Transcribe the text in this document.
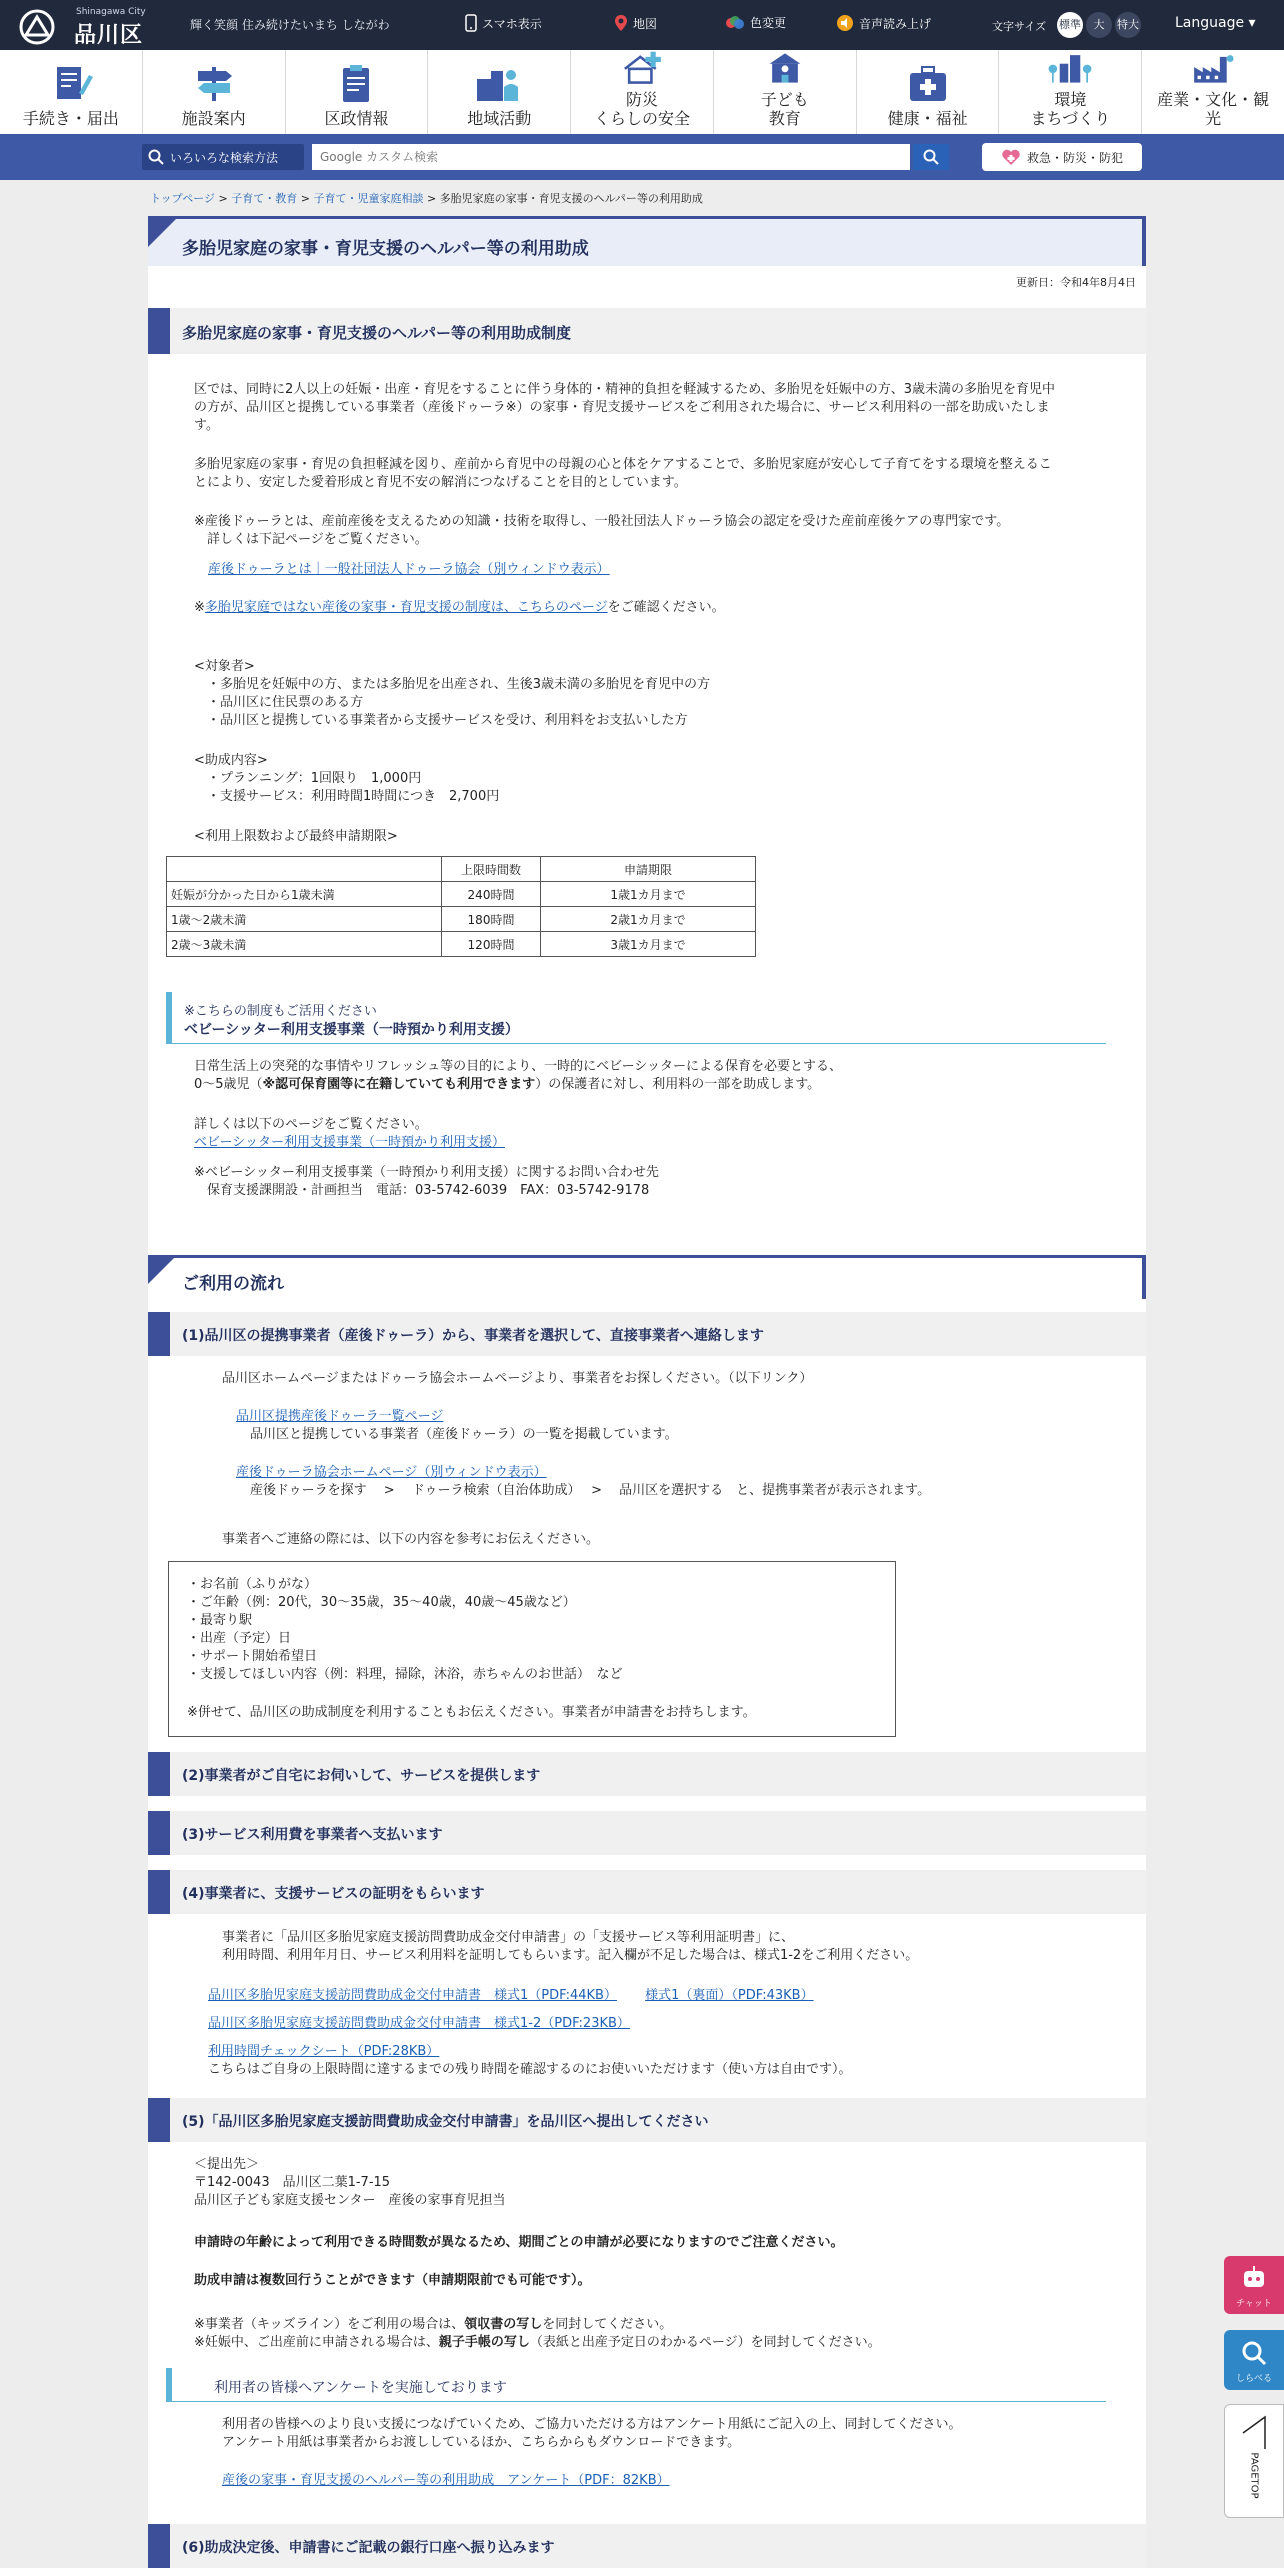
Shinagawa City
品川区	輝く笑顔 住み続けたいまち しながわ	スマホ表示	地図	色変更	音声読み上げ	文字サイズ 標準	大	特大	Language ▾
手続き・届出	施設案内	区政情報	地域活動
防災
くらしの安全
子ども
教育	健康・福祉
環境
まちづくり
産業・文化・観
光
いろいろな検索方法
Google カスタム検索	救急・防災・防犯
トップページ > 子育て・教育 > 子育て・児童家庭相談 > 多胎児家庭の家事・育児支援のヘルパー等の利用助成
多胎児家庭の家事・育児支援のヘルパー等の利用助成
更新日：令和4年8月4日
多胎児家庭の家事・育児支援のヘルパー等の利用助成制度
区では、同時に2人以上の妊娠・出産・育児をすることに伴う身体的・精神的負担を軽減するため、多胎児を妊娠中の方、3歳未満の多胎児を育児中
の方が、品川区と提携している事業者（産後ドゥーラ※）の家事・育児支援サービスをご利用された場合に、サービス利用料の一部を助成いたしま
す。
多胎児家庭の家事・育児の負担軽減を図り、産前から育児中の母親の心と体をケアすることで、多胎児家庭が安心して子育てをする環境を整えるこ
とにより、安定した愛着形成と育児不安の解消につなげることを目的としています。
※産後ドゥーラとは、産前産後を支えるための知識・技術を取得し、一般社団法人ドゥーラ協会の認定を受けた産前産後ケアの専門家です。
詳しくは下記ページをご覧ください。
産後ドゥーラとは｜一般社団法人ドゥーラ協会（別ウィンドウ表示）
※多胎児家庭ではない産後の家事・育児支援の制度は、こちらのページをご確認ください。
<対象者>
・多胎児を妊娠中の方、または多胎児を出産され、生後3歳未満の多胎児を育児中の方
・品川区に住民票のある方
・品川区と提携している事業者から支援サービスを受け、利用料をお支払いした方
<助成内容>
・プランニング：1回限り　1,000円
・支援サービス：利用時間1時間につき　2,700円
<利用上限数および最終申請期限>
	上限時間数	申請期限
妊娠が分かった日から1歳未満	240時間	1歳1カ月まで
1歳～2歳未満	180時間	2歳1カ月まで
2歳～3歳未満	120時間	3歳1カ月まで
※こちらの制度もご活用ください
ベビーシッター利用支援事業（一時預かり利用支援）
日常生活上の突発的な事情やリフレッシュ等の目的により、一時的にベビーシッターによる保育を必要とする、
0～5歳児（※認可保育園等に在籍していても利用できます）の保護者に対し、利用料の一部を助成します。
詳しくは以下のページをご覧ください。
ベビーシッター利用支援事業（一時預かり利用支援）
※ベビーシッター利用支援事業（一時預かり利用支援）に関するお問い合わせ先
保育支援課開設・計画担当　電話：03-5742-6039　FAX：03-5742-9178
ご利用の流れ
(1)品川区の提携事業者（産後ドゥーラ）から、事業者を選択して、直接事業者へ連絡します
品川区ホームページまたはドゥーラ協会ホームページより、事業者をお探しください。（以下リンク）
品川区提携産後ドゥーラ一覧ページ
品川区と提携している事業者（産後ドゥーラ）の一覧を掲載しています。
産後ドゥーラ協会ホームページ（別ウィンドウ表示）
産後ドゥーラを探す　 >　 ドゥーラ検索（自治体助成）　 >　 品川区を選択する　と、提携事業者が表示されます。
事業者へご連絡の際には、以下の内容を参考にお伝えください。
・お名前（ふりがな）
・ご年齢（例：20代，30～35歳，35～40歳，40歳～45歳など）
・最寄り駅
・出産（予定）日
・サポート開始希望日
・支援してほしい内容（例：料理，掃除，沐浴，赤ちゃんのお世話）　など
※併せて、品川区の助成制度を利用することもお伝えください。事業者が申請書をお持ちします。
(2)事業者がご自宅にお伺いして、サービスを提供します
(3)サービス利用費を事業者へ支払います
(4)事業者に、支援サービスの証明をもらいます
事業者に「品川区多胎児家庭支援訪問費助成金交付申請書」の「支援サービス等利用証明書」に、
利用時間、利用年月日、サービス利用料を証明してもらいます。記入欄が不足した場合は、様式1-2をご利用ください。
品川区多胎児家庭支援訪問費助成金交付申請書　様式1（PDF:44KB） 様式1（裏面）（PDF:43KB）
品川区多胎児家庭支援訪問費助成金交付申請書　様式1-2（PDF:23KB）
利用時間チェックシート（PDF:28KB）
こちらはご自身の上限時間に達するまでの残り時間を確認するのにお使いいただけます（使い方は自由です）。
(5)「品川区多胎児家庭支援訪問費助成金交付申請書」を品川区へ提出してください
＜提出先＞
〒142-0043　品川区二葉1-7-15
品川区子ども家庭支援センター　産後の家事育児担当
申請時の年齢によって利用できる時間数が異なるため、期間ごとの申請が必要になりますのでご注意ください。
助成申請は複数回行うことができます（申請期限前でも可能です）。
※事業者（キッズライン）をご利用の場合は、領収書の写しを同封してください。
※妊娠中、ご出産前に申請される場合は、親子手帳の写し（表紙と出産予定日のわかるページ）を同封してください。
利用者の皆様へアンケートを実施しております
利用者の皆様へのより良い支援につなげていくため、ご協力いただける方はアンケート用紙にご記入の上、同封してください。
アンケート用紙は事業者からお渡ししているほか、こちらからもダウンロードできます。
産後の家事・育児支援のヘルパー等の利用助成　アンケート（PDF：82KB）
(6)助成決定後、申請書にご記載の銀行口座へ振り込みます
チャット
しらべる
PAGETOP
